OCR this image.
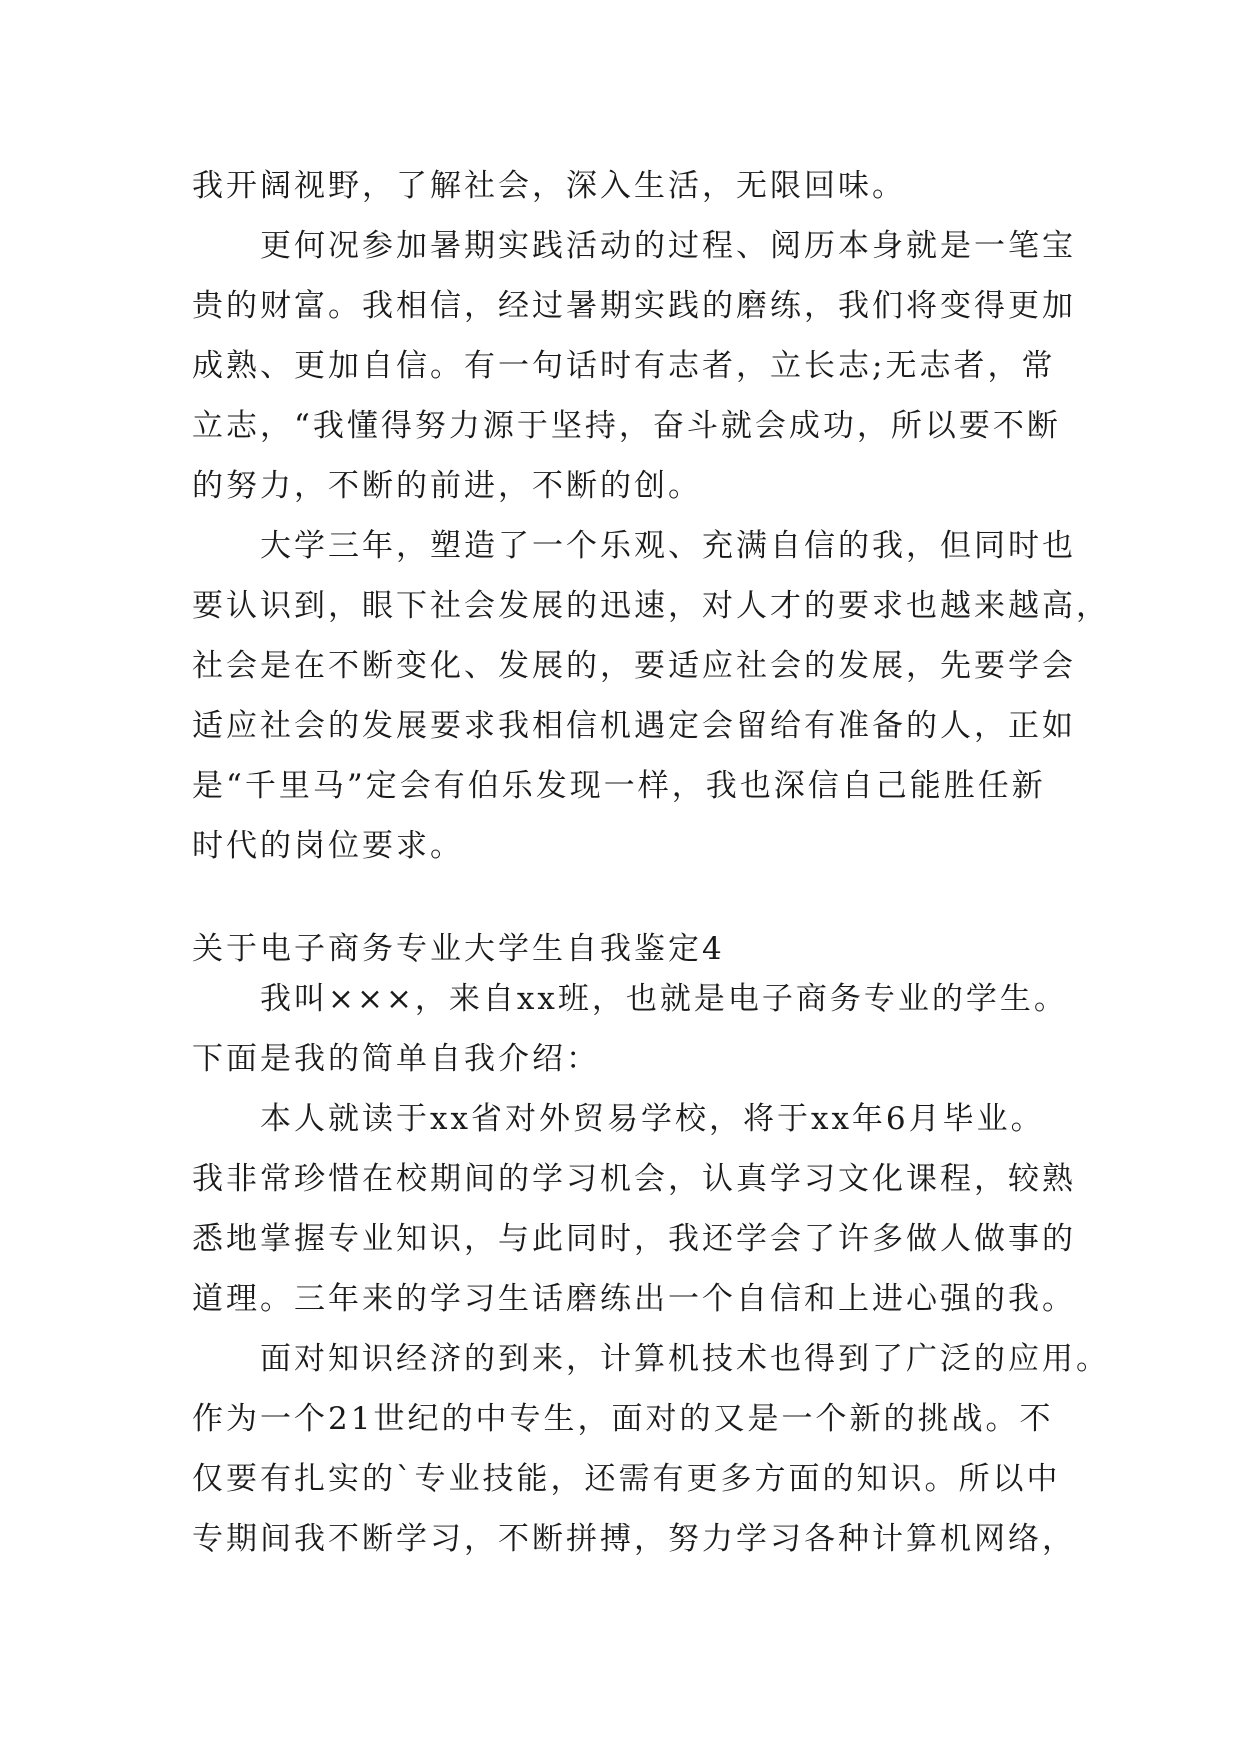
我开阔视野，了解社会，深入生活，无限回味。
　　更何况参加暑期实践活动的过程、阅历本身就是一笔宝
贵的财富。我相信，经过暑期实践的磨练，我们将变得更加
成熟、更加自信。有一句话时有志者，立长志;无志者，常
立志，“我懂得努力源于坚持，奋斗就会成功，所以要不断
的努力，不断的前进，不断的创。
　　大学三年，塑造了一个乐观、充满自信的我，但同时也
要认识到，眼下社会发展的迅速，对人才的要求也越来越高，
社会是在不断变化、发展的，要适应社会的发展，先要学会
适应社会的发展要求我相信机遇定会留给有准备的人，正如
是“千里马”定会有伯乐发现一样，我也深信自己能胜任新
时代的岗位要求。
关于电子商务专业大学生自我鉴定4
　　我叫×××，来自xx班，也就是电子商务专业的学生。
下面是我的简单自我介绍：
　　本人就读于xx省对外贸易学校，将于xx年6月毕业。
我非常珍惜在校期间的学习机会，认真学习文化课程，较熟
悉地掌握专业知识，与此同时，我还学会了许多做人做事的
道理。三年来的学习生话磨练出一个自信和上进心强的我。
　　面对知识经济的到来，计算机技术也得到了广泛的应用。
作为一个21世纪的中专生，面对的又是一个新的挑战。不
仅要有扎实的`专业技能，还需有更多方面的知识。所以中
专期间我不断学习，不断拼搏，努力学习各种计算机网络，
